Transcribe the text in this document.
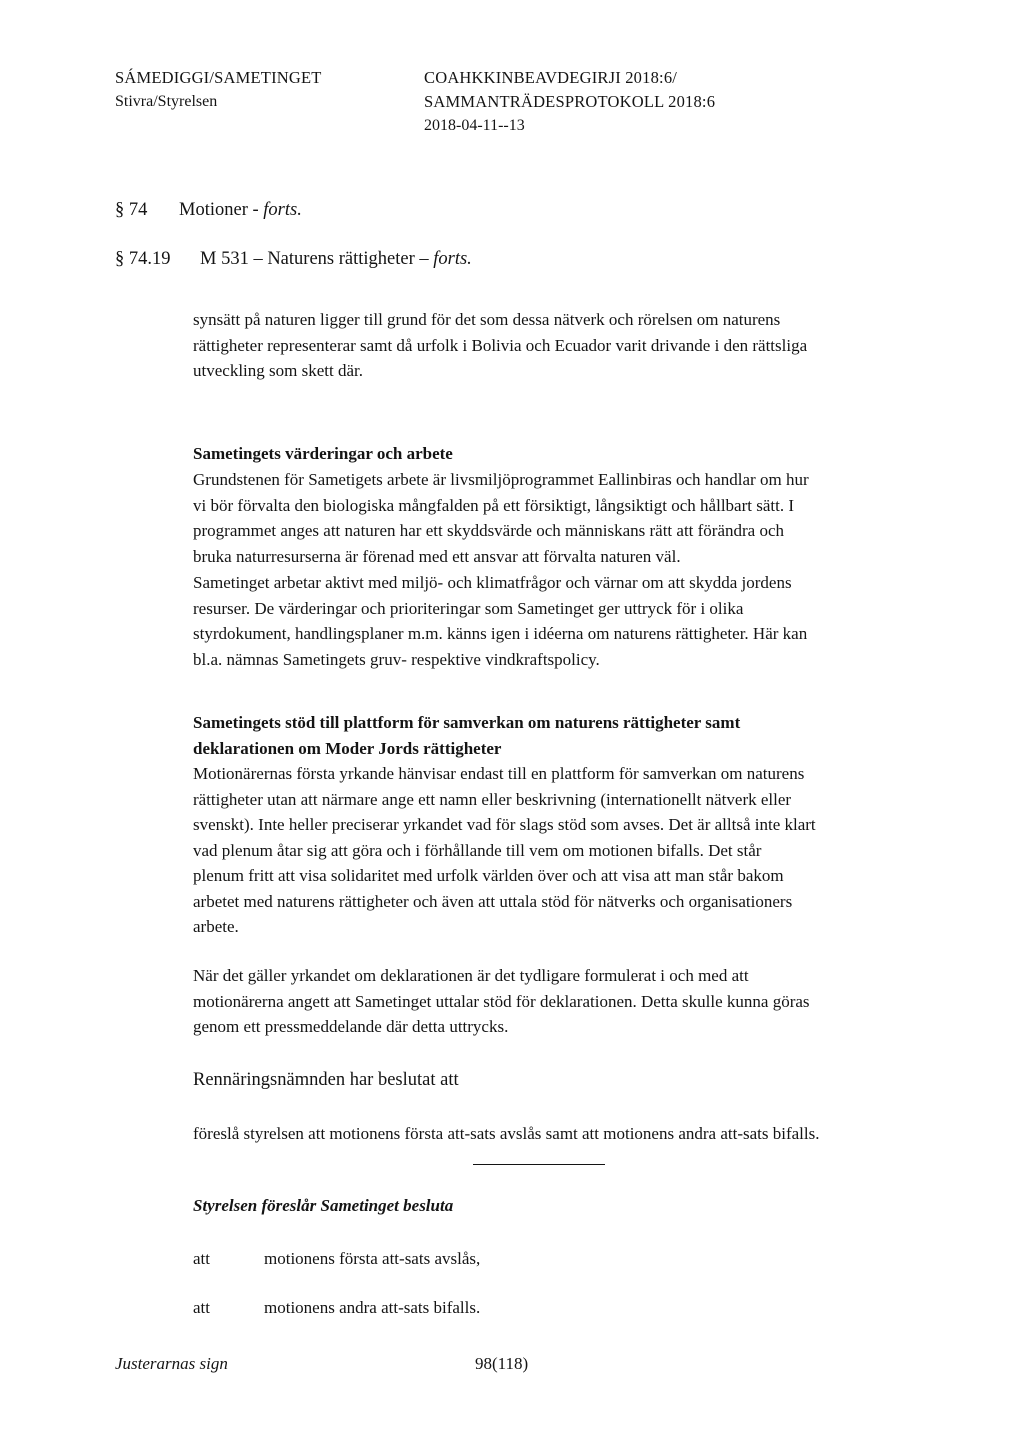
SÁMEDIGGI/SAMETINGET
Stivra/Styrelsen
COAHKKINBEAVDEGIRJI 2018:6/
SAMMANTRÄDESPROTOKOLL 2018:6
2018-04-11--13
§ 74 Motioner - forts.
§ 74.19 M 531 – Naturens rättigheter – forts.
synsätt på naturen ligger till grund för det som dessa nätverk och rörelsen om naturens
rättigheter representerar samt då urfolk i Bolivia och Ecuador varit drivande i den rättsliga
utveckling som skett där.
Sametingets värderingar och arbete
Grundstenen för Sametigets arbete är livsmiljöprogrammet Eallinbiras och handlar om hur
vi bör förvalta den biologiska mångfalden på ett försiktigt, långsiktigt och hållbart sätt. I
programmet anges att naturen har ett skyddsvärde och människans rätt att förändra och
bruka naturresurserna är förenad med ett ansvar att förvalta naturen väl.
Sametinget arbetar aktivt med miljö- och klimatfrågor och värnar om att skydda jordens
resurser. De värderingar och prioriteringar som Sametinget ger uttryck för i olika
styrdokument, handlingsplaner m.m. känns igen i idéerna om naturens rättigheter. Här kan
bl.a. nämnas Sametingets gruv- respektive vindkraftspolicy.
Sametingets stöd till plattform för samverkan om naturens rättigheter samt
deklarationen om Moder Jords rättigheter
Motionärernas första yrkande hänvisar endast till en plattform för samverkan om naturens
rättigheter utan att närmare ange ett namn eller beskrivning (internationellt nätverk eller
svenskt). Inte heller preciserar yrkandet vad för slags stöd som avses. Det är alltså inte klart
vad plenum åtar sig att göra och i förhållande till vem om motionen bifalls. Det står
plenum fritt att visa solidaritet med urfolk världen över och att visa att man står bakom
arbetet med naturens rättigheter och även att uttala stöd för nätverks och organisationers
arbete.
När det gäller yrkandet om deklarationen är det tydligare formulerat i och med att
motionärerna angett att Sametinget uttalar stöd för deklarationen. Detta skulle kunna göras
genom ett pressmeddelande där detta uttrycks.
Rennäringsnämnden har beslutat att
föreslå styrelsen att motionens första att-sats avslås samt att motionens andra att-sats bifalls.
Styrelsen föreslår Sametinget besluta
att	motionens första att-sats avslås,
att	motionens andra att-sats bifalls.
Justerarnas sign	98(118)
